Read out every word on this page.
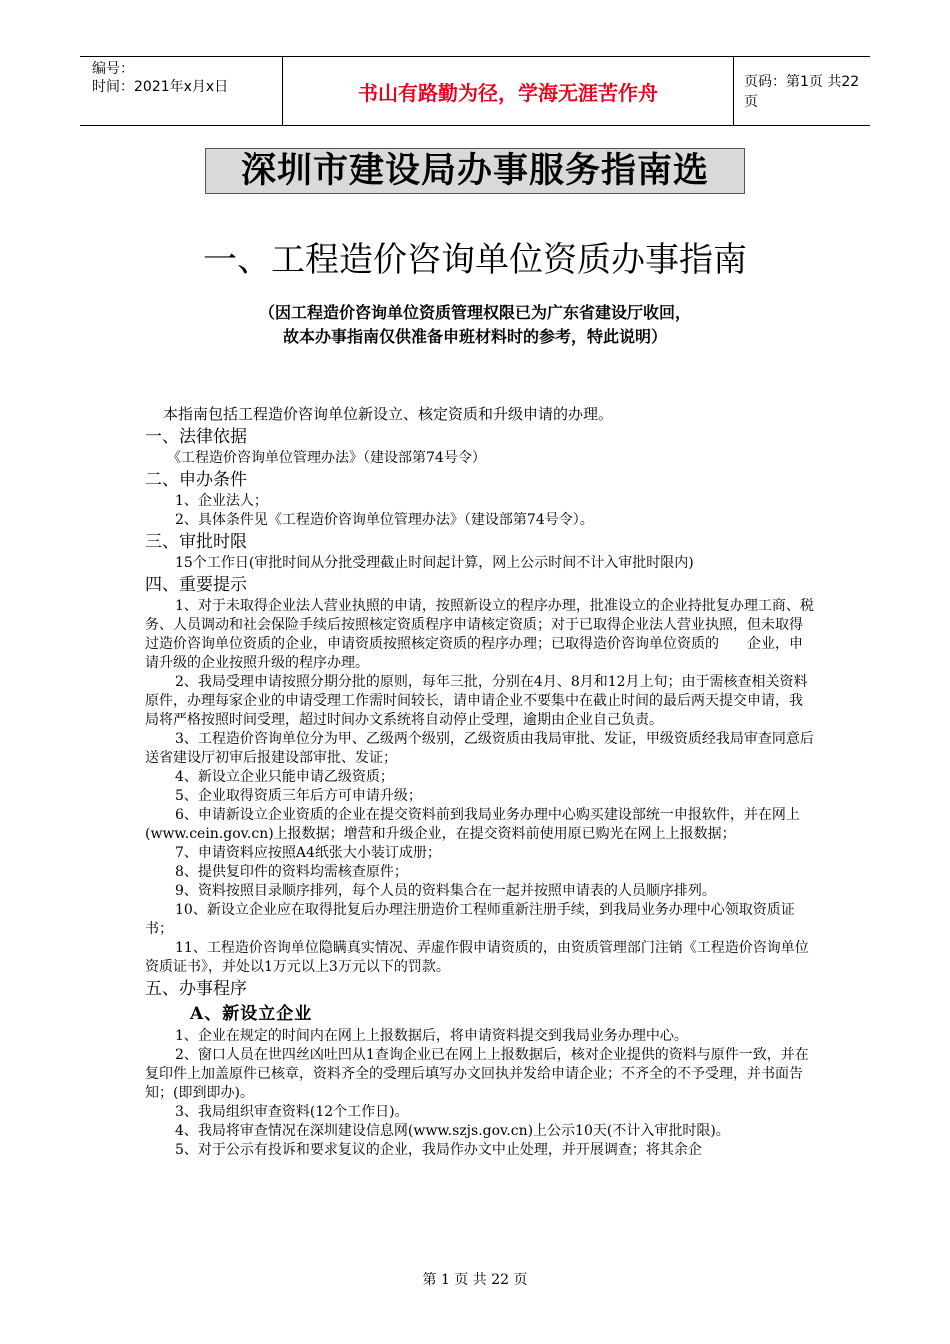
编号：
时间：2021年x月x日	书山有路勤为径，学海无涯苦作舟	页码：第1页 共22页
深圳市建设局办事服务指南选
一、工程造价咨询单位资质办事指南
（因工程造价咨询单位资质管理权限已为广东省建设厅收回，
故本办事指南仅供准备申班材料时的参考，特此说明）
本指南包括工程造价咨询单位新设立、核定资质和升级申请的办理。
一、法律依据
《工程造价咨询单位管理办法》（建设部第74号令）
二、申办条件
1、企业法人；
2、具体条件见《工程造价咨询单位管理办法》（建设部第74号令）。
三、审批时限
15个工作日(审批时间从分批受理截止时间起计算，网上公示时间不计入审批时限内)
四、重要提示
1、对于未取得企业法人营业执照的申请，按照新设立的程序办理，批准设立的企业持批复办理工商、税务、人员调动和社会保险手续后按照核定资质程序申请核定资质；对于已取得企业法人营业执照，但未取得过造价咨询单位资质的企业，申请资质按照核定资质的程序办理；已取得造价咨询单位资质的　　企业，申请升级的企业按照升级的程序办理。
2、我局受理申请按照分期分批的原则，每年三批，分别在4月、8月和12月上旬；由于需核查相关资料原件，办理每家企业的申请受理工作需时间较长，请申请企业不要集中在截止时间的最后两天提交申请，我局将严格按照时间受理，超过时间办文系统将自动停止受理，逾期由企业自己负责。
3、工程造价咨询单位分为甲、乙级两个级别，乙级资质由我局审批、发证，甲级资质经我局审查同意后送省建设厅初审后报建设部审批、发证；
4、新设立企业只能申请乙级资质；
5、企业取得资质三年后方可申请升级；
6、申请新设立企业资质的企业在提交资料前到我局业务办理中心购买建设部统一申报软件，并在网上(www.cein.gov.cn)上报数据；增营和升级企业，在提交资料前使用原已购光在网上上报数据；
7、申请资料应按照A4纸张大小装订成册；
8、提供复印件的资料均需核查原件；
9、资料按照目录顺序排列，每个人员的资料集合在一起并按照申请表的人员顺序排列。
10、新设立企业应在取得批复后办理注册造价工程师重新注册手续，到我局业务办理中心领取资质证书；
11、工程造价咨询单位隐瞒真实情况、弄虚作假申请资质的，由资质管理部门注销《工程造价咨询单位资质证书》，并处以1万元以上3万元以下的罚款。
五、办事程序
A、新设立企业
1、企业在规定的时间内在网上上报数据后，将申请资料提交到我局业务办理中心。
2、窗口人员在世四丝凶吐凹从1查询企业已在网上上报数据后，核对企业提供的资料与原件一致，并在复印件上加盖原件已核章，资料齐全的受理后填写办文回执并发给申请企业；不齐全的不予受理，并书面告知；(即到即办)。
3、我局组织审查资料(12个工作日)。
4、我局将审查情况在深圳建设信息网(www.szjs.gov.cn)上公示10天(不计入审批时限)。
5、对于公示有投诉和要求复议的企业，我局作办文中止处理，并开展调查；将其余企
第 1 页 共 22 页
